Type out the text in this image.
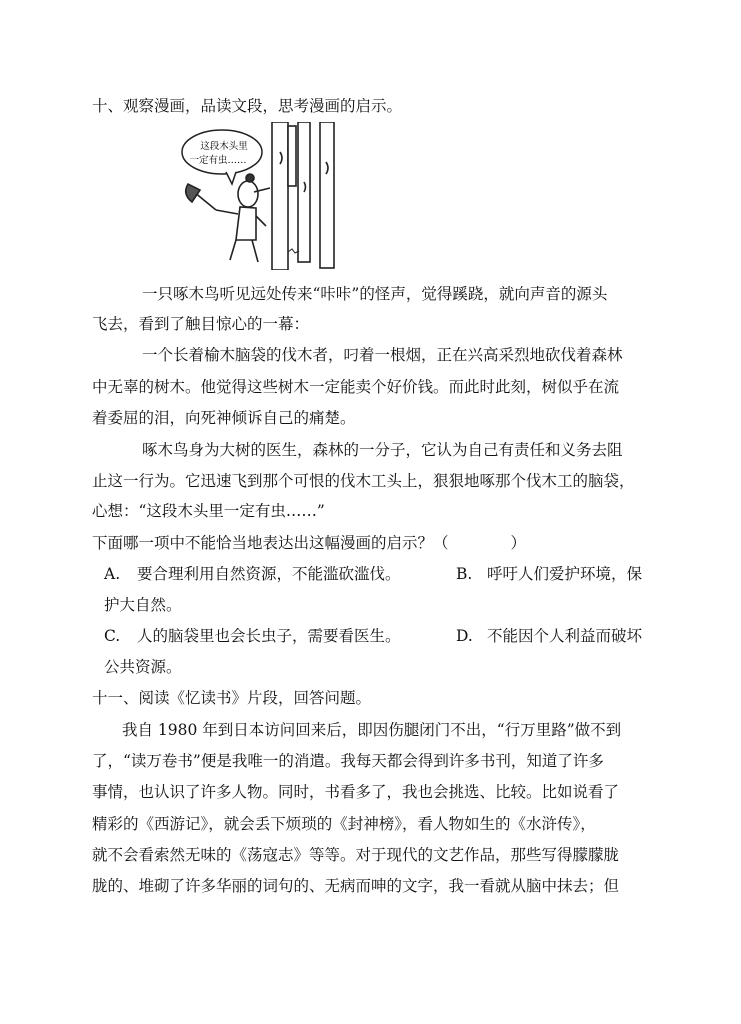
十、观察漫画，品读文段，思考漫画的启示。
这段木头里
一定有虫……
一只啄木鸟听见远处传来“咔咔”的怪声，觉得蹊跷，就向声音的源头
飞去，看到了触目惊心的一幕：
一个长着榆木脑袋的伐木者，叼着一根烟，正在兴高采烈地砍伐着森林
中无辜的树木。他觉得这些树木一定能卖个好价钱。而此时此刻，树似乎在流
着委屈的泪，向死神倾诉自己的痛楚。
啄木鸟身为大树的医生，森林的一分子，它认为自己有责任和义务去阻
止这一行为。它迅速飞到那个可恨的伐木工头上，狠狠地啄那个伐木工的脑袋，
心想：“这段木头里一定有虫……”
下面哪一项中不能恰当地表达出这幅漫画的启示？（　　　　）
A. 要合理利用自然资源，不能滥砍滥伐。	B. 呼吁人们爱护环境，保
护大自然。
C. 人的脑袋里也会长虫子，需要看医生。	D. 不能因个人利益而破坏
公共资源。
十一、阅读《忆读书》片段，回答问题。
我自 1980 年到日本访问回来后，即因伤腿闭门不出，“行万里路”做不到
了，“读万卷书”便是我唯一的消遣。我每天都会得到许多书刊，知道了许多
事情，也认识了许多人物。同时，书看多了，我也会挑选、比较。比如说看了
精彩的《西游记》，就会丢下烦琐的《封神榜》，看人物如生的《水浒传》，
就不会看索然无味的《荡寇志》等等。对于现代的文艺作品，那些写得朦朦胧
胧的、堆砌了许多华丽的词句的、无病而呻的文字，我一看就从脑中抹去；但
